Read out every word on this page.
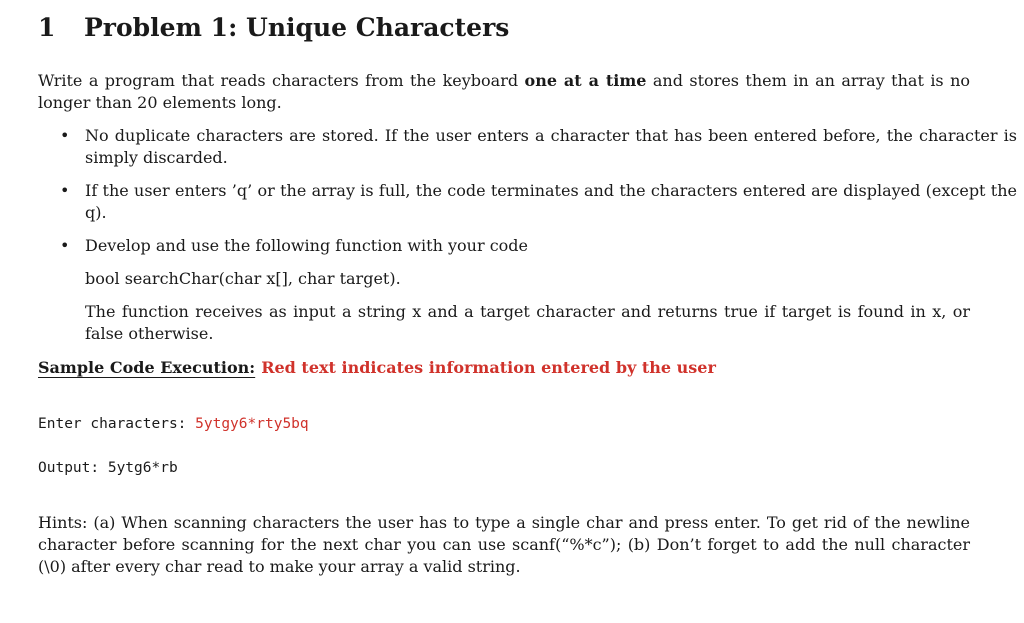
1 Problem 1: Unique Characters

Write a program that reads characters from the keyboard one at a time and stores them in an array that is no longer than 20 elements long.

• No duplicate characters are stored. If the user enters a character that has been entered before, the character is simply discarded.
• If the user enters ’q’ or the array is full, the code terminates and the characters entered are displayed (except the q).
• Develop and use the following function with your code
bool searchChar(char x[], char target).
The function receives as input a string x and a target character and returns true if target is found in x, or false otherwise.
Sample Code Execution: Red text indicates information entered by the user
Enter characters: 5ytgy6*rty5bq
Output: 5ytg6*rb

Hints: (a) When scanning characters the user has to type a single char and press enter. To get rid of the newline character before scanning for the next char you can use scanf(“%*c”); (b) Don’t forget to add the null character (\0) after every char read to make your array a valid string.
